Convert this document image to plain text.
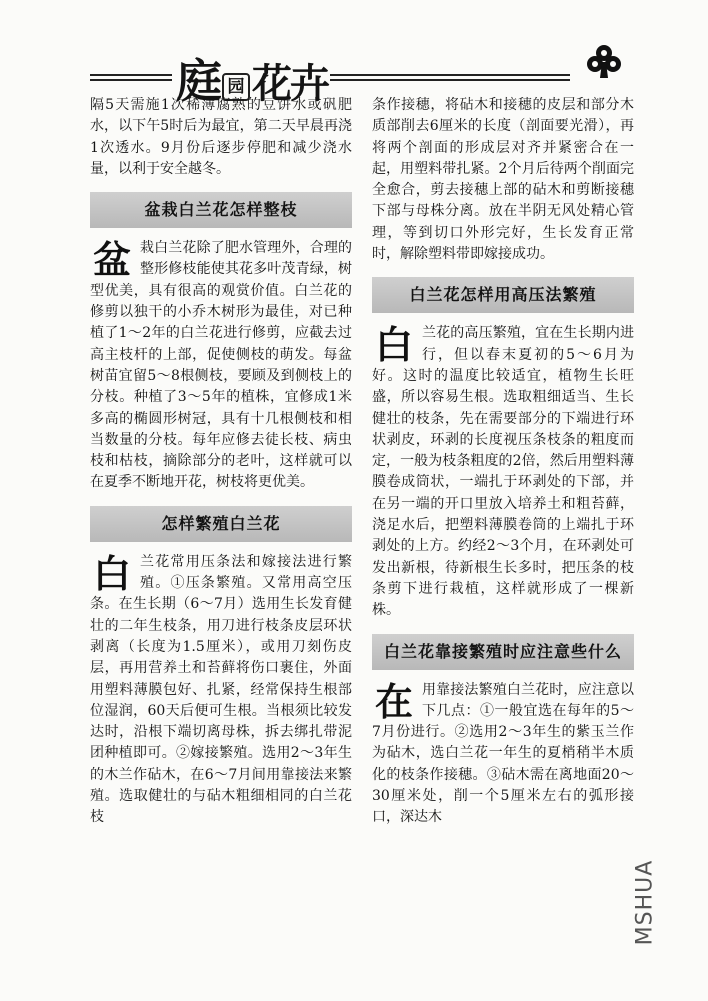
庭 园 花卉

隔5天需施1次稀薄腐熟的豆饼水或矾肥水，以下午5时后为最宜，第二天早晨再浇1次透水。9月份后逐步停肥和减少浇水量，以利于安全越冬。

盆栽白兰花怎样整枝
盆 栽白兰花除了肥水管理外，合理的整形修枝能使其花多叶茂青绿，树型优美，具有很高的观赏价值。白兰花的修剪以独干的小乔木树形为最佳，对已种植了1～2年的白兰花进行修剪，应截去过高主枝杆的上部，促使侧枝的萌发。每盆树苗宜留5～8根侧枝，要顾及到侧枝上的分枝。种植了3～5年的植株，宜修成1米多高的椭圆形树冠，具有十几根侧枝和相当数量的分枝。每年应修去徒长枝、病虫枝和枯枝，摘除部分的老叶，这样就可以在夏季不断地开花，树枝将更优美。

怎样繁殖白兰花
白 兰花常用压条法和嫁接法进行繁殖。①压条繁殖。又常用高空压条。在生长期（6～7月）选用生长发育健壮的二年生枝条，用刀进行枝条皮层环状剥离（长度为1.5厘米），或用刀刻伤皮层，再用营养土和苔藓将伤口裹住，外面用塑料薄膜包好、扎紧，经常保持生根部位湿润，60天后便可生根。当根须比较发达时，沿根下端切离母株，拆去绑扎带泥团种植即可。②嫁接繁殖。选用2～3年生的木兰作砧木，在6～7月间用靠接法来繁殖。选取健壮的与砧木粗细相同的白兰花枝

条作接穗，将砧木和接穗的皮层和部分木质部削去6厘米的长度（剖面要光滑），再将两个剖面的形成层对齐并紧密合在一起，用塑料带扎紧。2个月后待两个削面完全愈合，剪去接穗上部的砧木和剪断接穗下部与母株分离。放在半阴无风处精心管理，等到切口外形完好，生长发育正常时，解除塑料带即嫁接成功。

白兰花怎样用高压法繁殖
白 兰花的高压繁殖，宜在生长期内进行，但以春末夏初的5～6月为好。这时的温度比较适宜，植物生长旺盛，所以容易生根。选取粗细适当、生长健壮的枝条，先在需要部分的下端进行环状剥皮，环剥的长度视压条枝条的粗度而定，一般为枝条粗度的2倍，然后用塑料薄膜卷成筒状，一端扎于环剥处的下部，并在另一端的开口里放入培养土和粗苔藓，浇足水后，把塑料薄膜卷筒的上端扎于环剥处的上方。约经2～3个月，在环剥处可发出新根，待新根生长多时，把压条的枝条剪下进行栽植，这样就形成了一棵新株。

白兰花靠接繁殖时应注意些什么
在 用靠接法繁殖白兰花时，应注意以下几点：①一般宜选在每年的5～7月份进行。②选用2～3年生的紫玉兰作为砧木，选白兰花一年生的夏梢稍半木质化的枝条作接穗。③砧木需在离地面20～30厘米处，削一个5厘米左右的弧形接口，深达木

MSHUA
